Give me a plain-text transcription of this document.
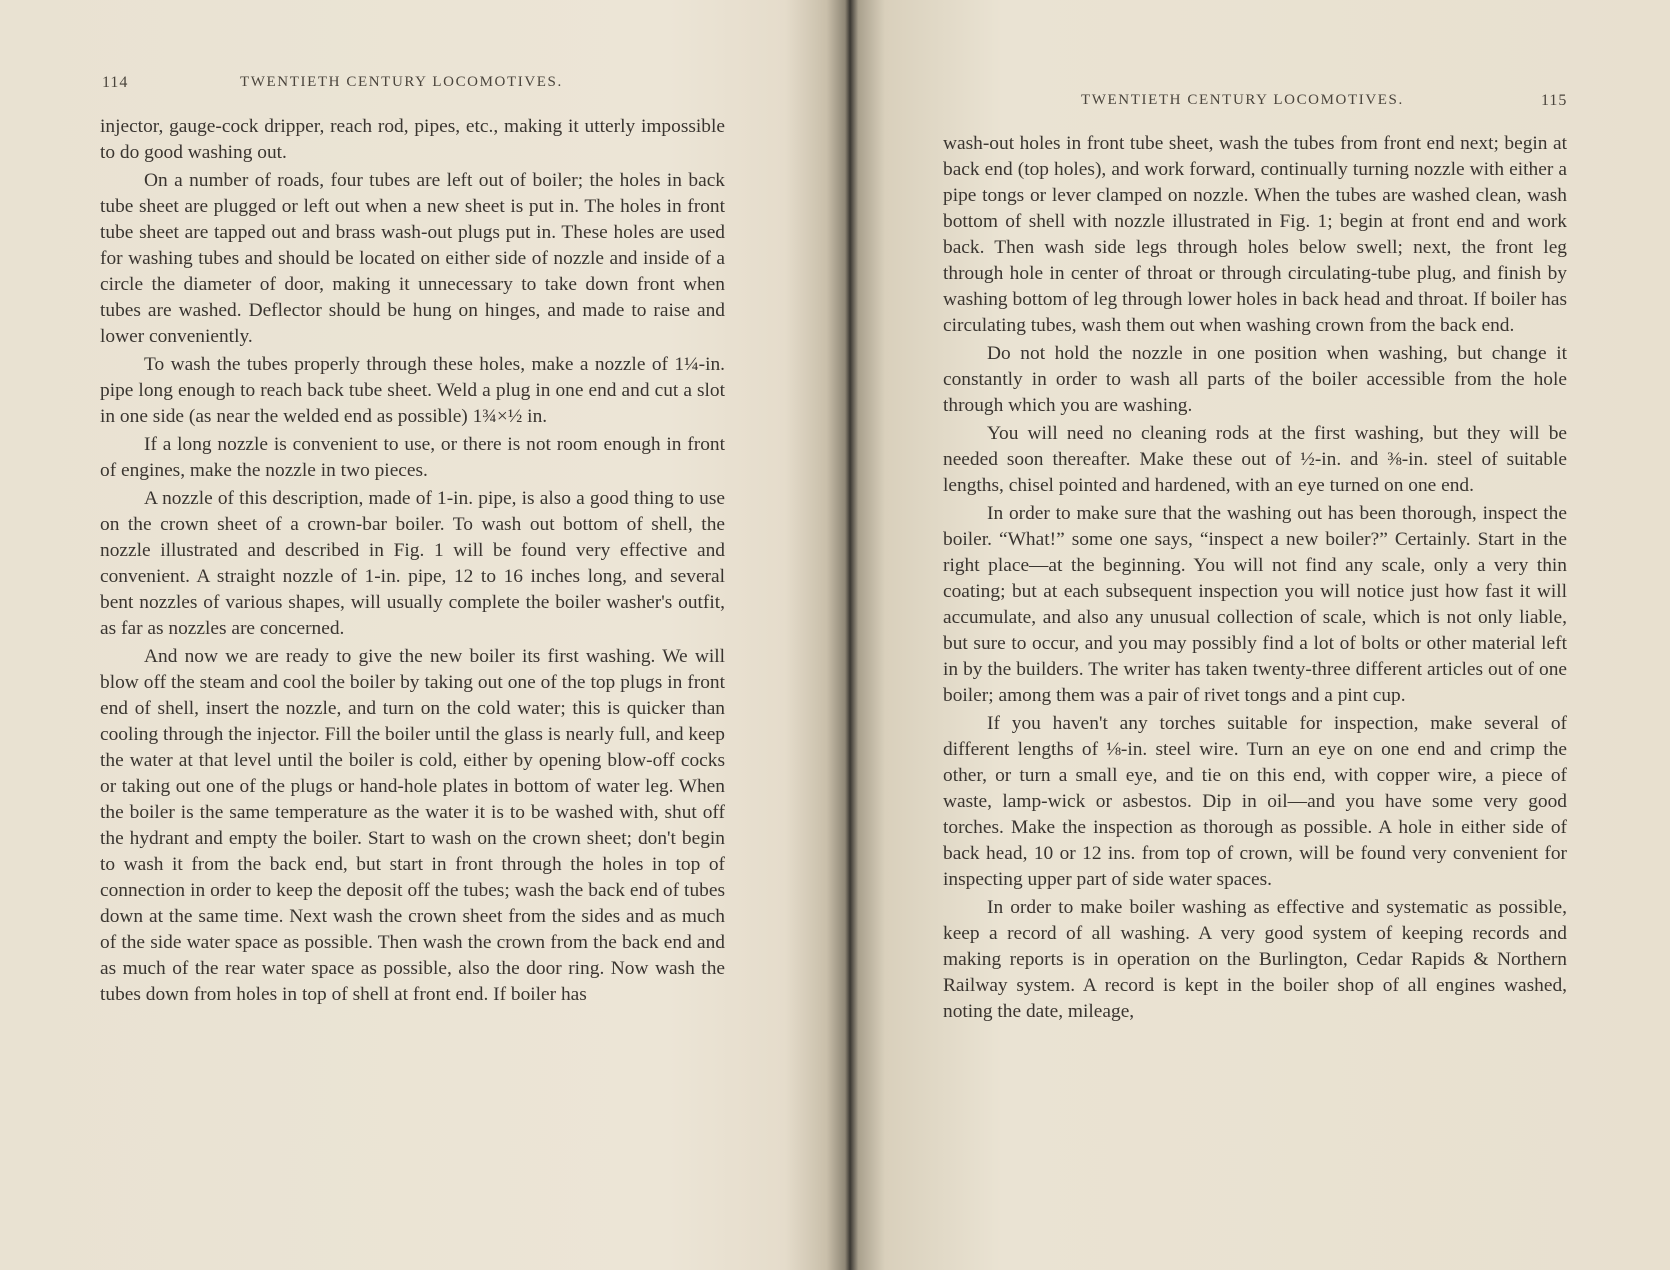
114	TWENTIETH CENTURY LOCOMOTIVES.

injector, gauge-cock dripper, reach rod, pipes, etc., making it utterly impossible to do good washing out.

On a number of roads, four tubes are left out of boiler; the holes in back tube sheet are plugged or left out when a new sheet is put in. The holes in front tube sheet are tapped out and brass wash-out plugs put in. These holes are used for washing tubes and should be located on either side of nozzle and inside of a circle the diameter of door, making it unnecessary to take down front when tubes are washed. Deflector should be hung on hinges, and made to raise and lower conveniently.

To wash the tubes properly through these holes, make a nozzle of 1¼-in. pipe long enough to reach back tube sheet. Weld a plug in one end and cut a slot in one side (as near the welded end as possible) 1¾×½ in.

If a long nozzle is convenient to use, or there is not room enough in front of engines, make the nozzle in two pieces.

A nozzle of this description, made of 1-in. pipe, is also a good thing to use on the crown sheet of a crown-bar boiler. To wash out bottom of shell, the nozzle illustrated and described in Fig. 1 will be found very effective and convenient. A straight nozzle of 1-in. pipe, 12 to 16 inches long, and several bent nozzles of various shapes, will usually complete the boiler washer's outfit, as far as nozzles are concerned.

And now we are ready to give the new boiler its first washing. We will blow off the steam and cool the boiler by taking out one of the top plugs in front end of shell, insert the nozzle, and turn on the cold water; this is quicker than cooling through the injector. Fill the boiler until the glass is nearly full, and keep the water at that level until the boiler is cold, either by opening blow-off cocks or taking out one of the plugs or hand-hole plates in bottom of water leg. When the boiler is the same temperature as the water it is to be washed with, shut off the hydrant and empty the boiler. Start to wash on the crown sheet; don't begin to wash it from the back end, but start in front through the holes in top of connection in order to keep the deposit off the tubes; wash the back end of tubes down at the same time. Next wash the crown sheet from the sides and as much of the side water space as possible. Then wash the crown from the back end and as much of the rear water space as possible, also the door ring. Now wash the tubes down from holes in top of shell at front end. If boiler has

TWENTIETH CENTURY LOCOMOTIVES.	115

wash-out holes in front tube sheet, wash the tubes from front end next; begin at back end (top holes), and work forward, continually turning nozzle with either a pipe tongs or lever clamped on nozzle. When the tubes are washed clean, wash bottom of shell with nozzle illustrated in Fig. 1; begin at front end and work back. Then wash side legs through holes below swell; next, the front leg through hole in center of throat or through circulating-tube plug, and finish by washing bottom of leg through lower holes in back head and throat. If boiler has circulating tubes, wash them out when washing crown from the back end.

Do not hold the nozzle in one position when washing, but change it constantly in order to wash all parts of the boiler accessible from the hole through which you are washing.

You will need no cleaning rods at the first washing, but they will be needed soon thereafter. Make these out of ½-in. and ⅜-in. steel of suitable lengths, chisel pointed and hardened, with an eye turned on one end.

In order to make sure that the washing out has been thorough, inspect the boiler. “What!” some one says, “inspect a new boiler?” Certainly. Start in the right place—at the beginning. You will not find any scale, only a very thin coating; but at each subsequent inspection you will notice just how fast it will accumulate, and also any unusual collection of scale, which is not only liable, but sure to occur, and you may possibly find a lot of bolts or other material left in by the builders. The writer has taken twenty-three different articles out of one boiler; among them was a pair of rivet tongs and a pint cup.

If you haven't any torches suitable for inspection, make several of different lengths of ⅛-in. steel wire. Turn an eye on one end and crimp the other, or turn a small eye, and tie on this end, with copper wire, a piece of waste, lamp-wick or asbestos. Dip in oil—and you have some very good torches. Make the inspection as thorough as possible. A hole in either side of back head, 10 or 12 ins. from top of crown, will be found very convenient for inspecting upper part of side water spaces.

In order to make boiler washing as effective and systematic as possible, keep a record of all washing. A very good system of keeping records and making reports is in operation on the Burlington, Cedar Rapids & Northern Railway system. A record is kept in the boiler shop of all engines washed, noting the date, mileage,
